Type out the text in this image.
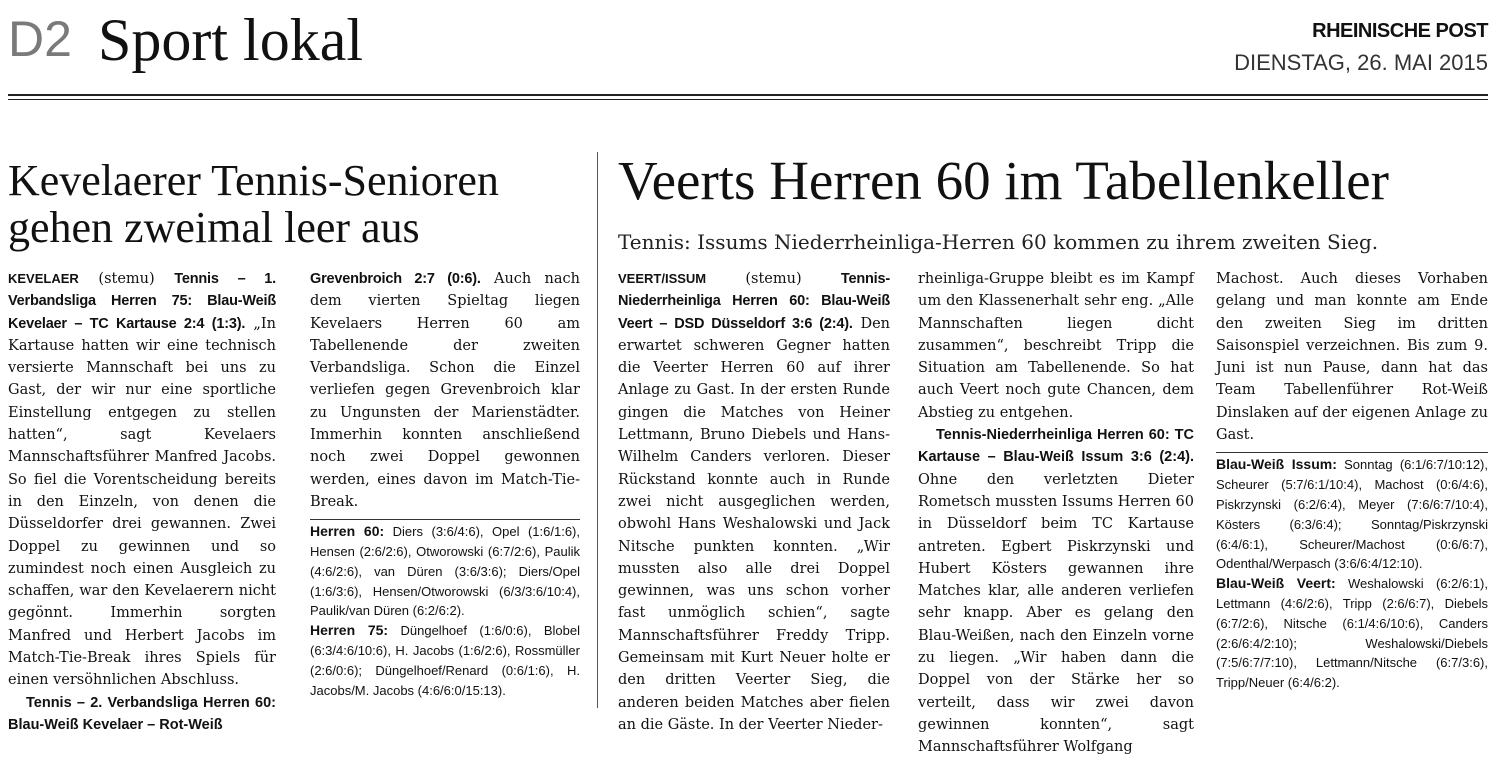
D2 Sport lokal	RHEINISCHE POST
DIENSTAG, 26. MAI 2015
Kevelaerer Tennis-Senioren gehen zweimal leer aus

KEVELAER (stemu) Tennis – 1. Verbandsliga Herren 75: Blau-Weiß Kevelaer – TC Kartause 2:4 (1:3). „In Kartause hatten wir eine technisch versierte Mannschaft bei uns zu Gast, der wir nur eine sportliche Einstellung entgegen zu stellen hatten“, sagt Kevelaers Mannschaftsführer Manfred Jacobs. So fiel die Vorentscheidung bereits in den Einzeln, von denen die Düsseldorfer drei gewannen. Zwei Doppel zu gewinnen und so zumindest noch einen Ausgleich zu schaffen, war den Kevelaerern nicht gegönnt. Immerhin sorgten Manfred und Herbert Jacobs im Match-Tie-Break ihres Spiels für einen versöhnlichen Abschluss.

Tennis – 2. Verbandsliga Herren 60: Blau-Weiß Kevelaer – Rot-Weiß

Grevenbroich 2:7 (0:6). Auch nach dem vierten Spieltag liegen Kevelaers Herren 60 am Tabellenende der zweiten Verbandsliga. Schon die Einzel verliefen gegen Grevenbroich klar zu Ungunsten der Marienstädter. Immerhin konnten anschließend noch zwei Doppel gewonnen werden, eines davon im Match-Tie-Break.

Herren 60: Diers (3:6/4:6), Opel (1:6/1:6), Hensen (2:6/2:6), Otworowski (6:7/2:6), Paulik (4:6/2:6), van Düren (3:6/3:6); Diers/Opel (1:6/3:6), Hensen/Otworowski (6/3/3:6/10:4), Paulik/van Düren (6:2/6:2).

Herren 75: Düngelhoef (1:6/0:6), Blobel (6:3/4:6/10:6), H. Jacobs (1:6/2:6), Rossmüller (2:6/0:6); Düngelhoef/Renard (0:6/1:6), H. Jacobs/M. Jacobs (4:6/6:0/15:13).

Veerts Herren 60 im Tabellenkeller
Tennis: Issums Niederrheinliga-Herren 60 kommen zu ihrem zweiten Sieg.

VEERT/ISSUM (stemu) Tennis-Niederrheinliga Herren 60: Blau-Weiß Veert – DSD Düsseldorf 3:6 (2:4). Den erwartet schweren Gegner hatten die Veerter Herren 60 auf ihrer Anlage zu Gast. In der ersten Runde gingen die Matches von Heiner Lettmann, Bruno Diebels und Hans-Wilhelm Canders verloren. Dieser Rückstand konnte auch in Runde zwei nicht ausgeglichen werden, obwohl Hans Weshalowski und Jack Nitsche punkten konnten. „Wir mussten also alle drei Doppel gewinnen, was uns schon vorher fast unmöglich schien“, sagte Mannschaftsführer Freddy Tripp. Gemeinsam mit Kurt Neuer holte er den dritten Veerter Sieg, die anderen beiden Matches aber fielen an die Gäste. In der Veerter Nieder-

rheinliga-Gruppe bleibt es im Kampf um den Klassenerhalt sehr eng. „Alle Mannschaften liegen dicht zusammen“, beschreibt Tripp die Situation am Tabellenende. So hat auch Veert noch gute Chancen, dem Abstieg zu entgehen.

Tennis-Niederrheinliga Herren 60: TC Kartause – Blau-Weiß Issum 3:6 (2:4). Ohne den verletzten Dieter Rometsch mussten Issums Herren 60 in Düsseldorf beim TC Kartause antreten. Egbert Piskrzynski und Hubert Kösters gewannen ihre Matches klar, alle anderen verliefen sehr knapp. Aber es gelang den Blau-Weißen, nach den Einzeln vorne zu liegen. „Wir haben dann die Doppel von der Stärke her so verteilt, dass wir zwei davon gewinnen konnten“, sagt Mannschaftsführer Wolfgang

Machost. Auch dieses Vorhaben gelang und man konnte am Ende den zweiten Sieg im dritten Saisonspiel verzeichnen. Bis zum 9. Juni ist nun Pause, dann hat das Team Tabellenführer Rot-Weiß Dinslaken auf der eigenen Anlage zu Gast.

Blau-Weiß Issum: Sonntag (6:1/6:7/10:12), Scheurer (5:7/6:1/10:4), Machost (0:6/4:6), Piskrzynski (6:2/6:4), Meyer (7:6/6:7/10:4), Kösters (6:3/6:4); Sonntag/Piskrzynski (6:4/6:1), Scheurer/Machost (0:6/6:7), Odenthal/Werpasch (3:6/6:4/12:10).

Blau-Weiß Veert: Weshalowski (6:2/6:1), Lettmann (4:6/2:6), Tripp (2:6/6:7), Diebels (6:7/2:6), Nitsche (6:1/4:6/10:6), Canders (2:6/6:4/2:10); Weshalowski/Diebels (7:5/6:7/7:10), Lettmann/Nitsche (6:7/3:6), Tripp/Neuer (6:4/6:2).
